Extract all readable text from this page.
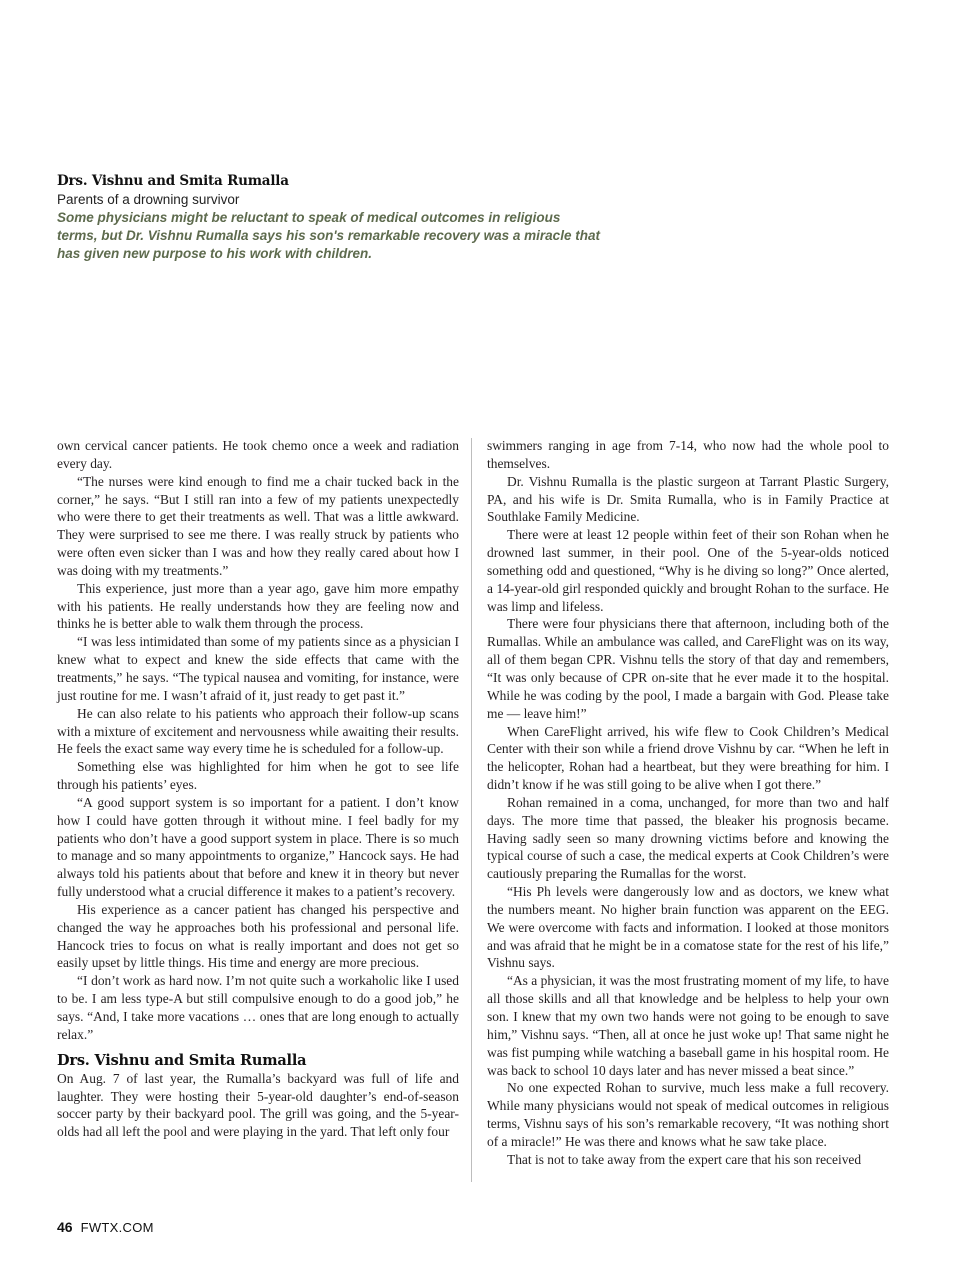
Drs. Vishnu and Smita Rumalla
Parents of a drowning survivor
Some physicians might be reluctant to speak of medical outcomes in religious terms, but Dr. Vishnu Rumalla says his son's remarkable recovery was a miracle that has given new purpose to his work with children.

own cervical cancer patients. He took chemo once a week and radiation every day.

“The nurses were kind enough to find me a chair tucked back in the corner,” he says. “But I still ran into a few of my patients unexpectedly who were there to get their treatments as well. That was a little awkward. They were surprised to see me there. I was really struck by patients who were often even sicker than I was and how they really cared about how I was doing with my treatments.”

This experience, just more than a year ago, gave him more empathy with his patients. He really understands how they are feeling now and thinks he is better able to walk them through the process.

“I was less intimidated than some of my patients since as a physician I knew what to expect and knew the side effects that came with the treatments,” he says. “The typical nausea and vomiting, for instance, were just routine for me. I wasn’t afraid of it, just ready to get past it.”

He can also relate to his patients who approach their follow-up scans with a mixture of excitement and nervousness while awaiting their results. He feels the exact same way every time he is scheduled for a follow-up.

Something else was highlighted for him when he got to see life through his patients’ eyes.

“A good support system is so important for a patient. I don’t know how I could have gotten through it without mine. I feel badly for my patients who don’t have a good support system in place. There is so much to manage and so many appointments to organize,” Hancock says. He had always told his patients about that before and knew it in theory but never fully understood what a crucial difference it makes to a patient’s recovery.

His experience as a cancer patient has changed his perspective and changed the way he approaches both his professional and personal life. Hancock tries to focus on what is really important and does not get so easily upset by little things. His time and energy are more precious.

“I don’t work as hard now. I’m not quite such a workaholic like I used to be. I am less type-A but still compulsive enough to do a good job,” he says. “And, I take more vacations … ones that are long enough to actually relax.”

Drs. Vishnu and Smita Rumalla

On Aug. 7 of last year, the Rumalla’s backyard was full of life and laughter. They were hosting their 5-year-old daughter’s end-of-season soccer party by their backyard pool. The grill was going, and the 5-year-olds had all left the pool and were playing in the yard. That left only four

swimmers ranging in age from 7-14, who now had the whole pool to themselves.

Dr. Vishnu Rumalla is the plastic surgeon at Tarrant Plastic Surgery, PA, and his wife is Dr. Smita Rumalla, who is in Family Practice at Southlake Family Medicine.

There were at least 12 people within feet of their son Rohan when he drowned last summer, in their pool. One of the 5-year-olds noticed something odd and questioned, “Why is he diving so long?” Once alerted, a 14-year-old girl responded quickly and brought Rohan to the surface. He was limp and lifeless.

There were four physicians there that afternoon, including both of the Rumallas. While an ambulance was called, and CareFlight was on its way, all of them began CPR. Vishnu tells the story of that day and remembers, “It was only because of CPR on-site that he ever made it to the hospital. While he was coding by the pool, I made a bargain with God. Please take me — leave him!”

When CareFlight arrived, his wife flew to Cook Children’s Medical Center with their son while a friend drove Vishnu by car. “When he left in the helicopter, Rohan had a heartbeat, but they were breathing for him. I didn’t know if he was still going to be alive when I got there.”

Rohan remained in a coma, unchanged, for more than two and half days. The more time that passed, the bleaker his prognosis became. Having sadly seen so many drowning victims before and knowing the typical course of such a case, the medical experts at Cook Children’s were cautiously preparing the Rumallas for the worst.

“His Ph levels were dangerously low and as doctors, we knew what the numbers meant. No higher brain function was apparent on the EEG. We were overcome with facts and information. I looked at those monitors and was afraid that he might be in a comatose state for the rest of his life,” Vishnu says.

“As a physician, it was the most frustrating moment of my life, to have all those skills and all that knowledge and be helpless to help your own son. I knew that my own two hands were not going to be enough to save him,” Vishnu says. “Then, all at once he just woke up! That same night he was fist pumping while watching a baseball game in his hospital room. He was back to school 10 days later and has never missed a beat since.”

No one expected Rohan to survive, much less make a full recovery. While many physicians would not speak of medical outcomes in religious terms, Vishnu says of his son’s remarkable recovery, “It was nothing short of a miracle!” He was there and knows what he saw take place.

That is not to take away from the expert care that his son received

46 FWTX.COM
